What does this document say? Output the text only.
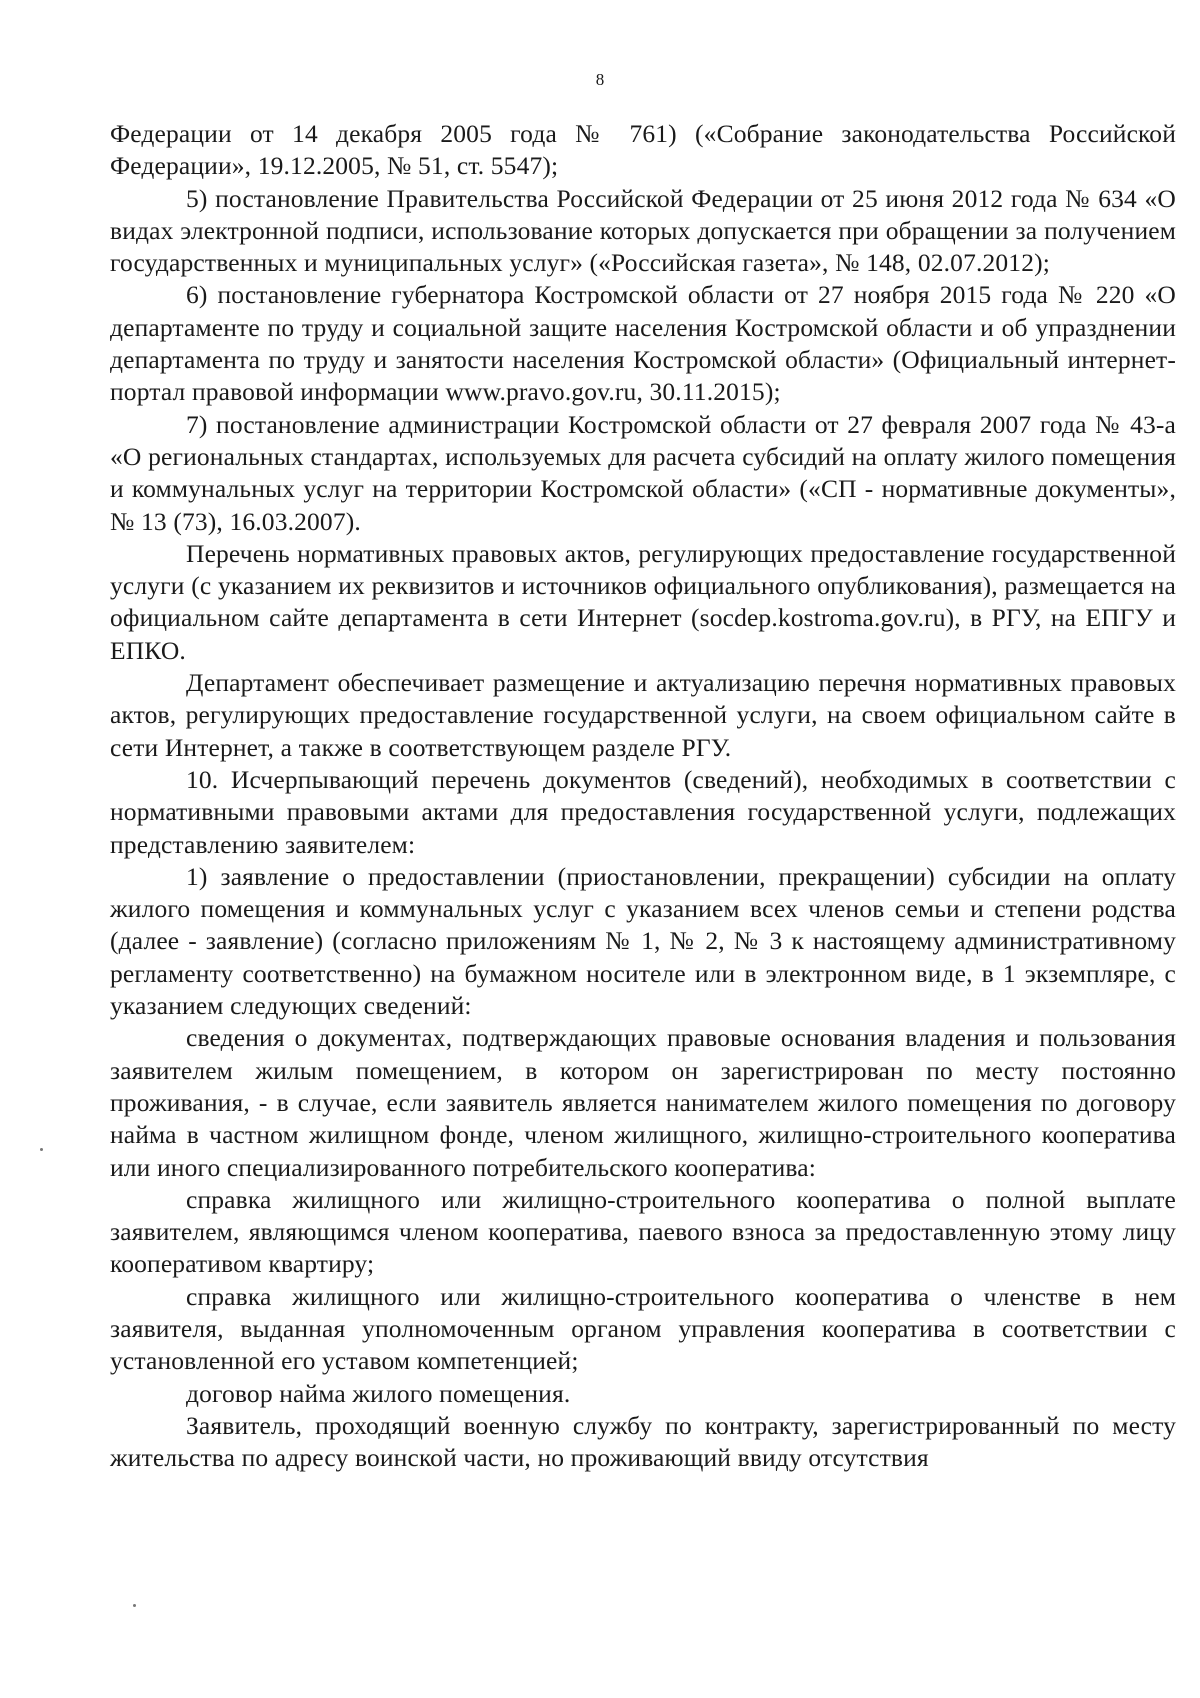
8

Федерации от 14 декабря 2005 года № 761) («Собрание законодательства Российской Федерации», 19.12.2005, № 51, ст. 5547);

5) постановление Правительства Российской Федерации от 25 июня 2012 года № 634 «О видах электронной подписи, использование которых допускается при обращении за получением государственных и муниципальных услуг» («Российская газета», № 148, 02.07.2012);

6) постановление губернатора Костромской области от 27 ноября 2015 года № 220 «О департаменте по труду и социальной защите населения Костромской области и об упразднении департамента по труду и занятости населения Костромской области» (Официальный интернет-портал правовой информации www.pravo.gov.ru, 30.11.2015);

7) постановление администрации Костромской области от 27 февраля 2007 года № 43-а «О региональных стандартах, используемых для расчета субсидий на оплату жилого помещения и коммунальных услуг на территории Костромской области» («СП - нормативные документы», № 13 (73), 16.03.2007).

Перечень нормативных правовых актов, регулирующих предоставление государственной услуги (с указанием их реквизитов и источников официального опубликования), размещается на официальном сайте департамента в сети Интернет (socdep.kostroma.gov.ru), в РГУ, на ЕПГУ и ЕПКО.

Департамент обеспечивает размещение и актуализацию перечня нормативных правовых актов, регулирующих предоставление государственной услуги, на своем официальном сайте в сети Интернет, а также в соответствующем разделе РГУ.

10. Исчерпывающий перечень документов (сведений), необходимых в соответствии с нормативными правовыми актами для предоставления государственной услуги, подлежащих представлению заявителем:

1) заявление о предоставлении (приостановлении, прекращении) субсидии на оплату жилого помещения и коммунальных услуг с указанием всех членов семьи и степени родства (далее - заявление) (согласно приложениям № 1, № 2, № 3 к настоящему административному регламенту соответственно) на бумажном носителе или в электронном виде, в 1 экземпляре, с указанием следующих сведений:

сведения о документах, подтверждающих правовые основания владения и пользования заявителем жилым помещением, в котором он зарегистрирован по месту постоянно проживания, - в случае, если заявитель является нанимателем жилого помещения по договору найма в частном жилищном фонде, членом жилищного, жилищно-строительного кооператива или иного специализированного потребительского кооператива:

справка жилищного или жилищно-строительного кооператива о полной выплате заявителем, являющимся членом кооператива, паевого взноса за предоставленную этому лицу кооперативом квартиру;

справка жилищного или жилищно-строительного кооператива о членстве в нем заявителя, выданная уполномоченным органом управления кооператива в соответствии с установленной его уставом компетенцией;

договор найма жилого помещения.

Заявитель, проходящий военную службу по контракту, зарегистрированный по месту жительства по адресу воинской части, но проживающий ввиду отсутствия
